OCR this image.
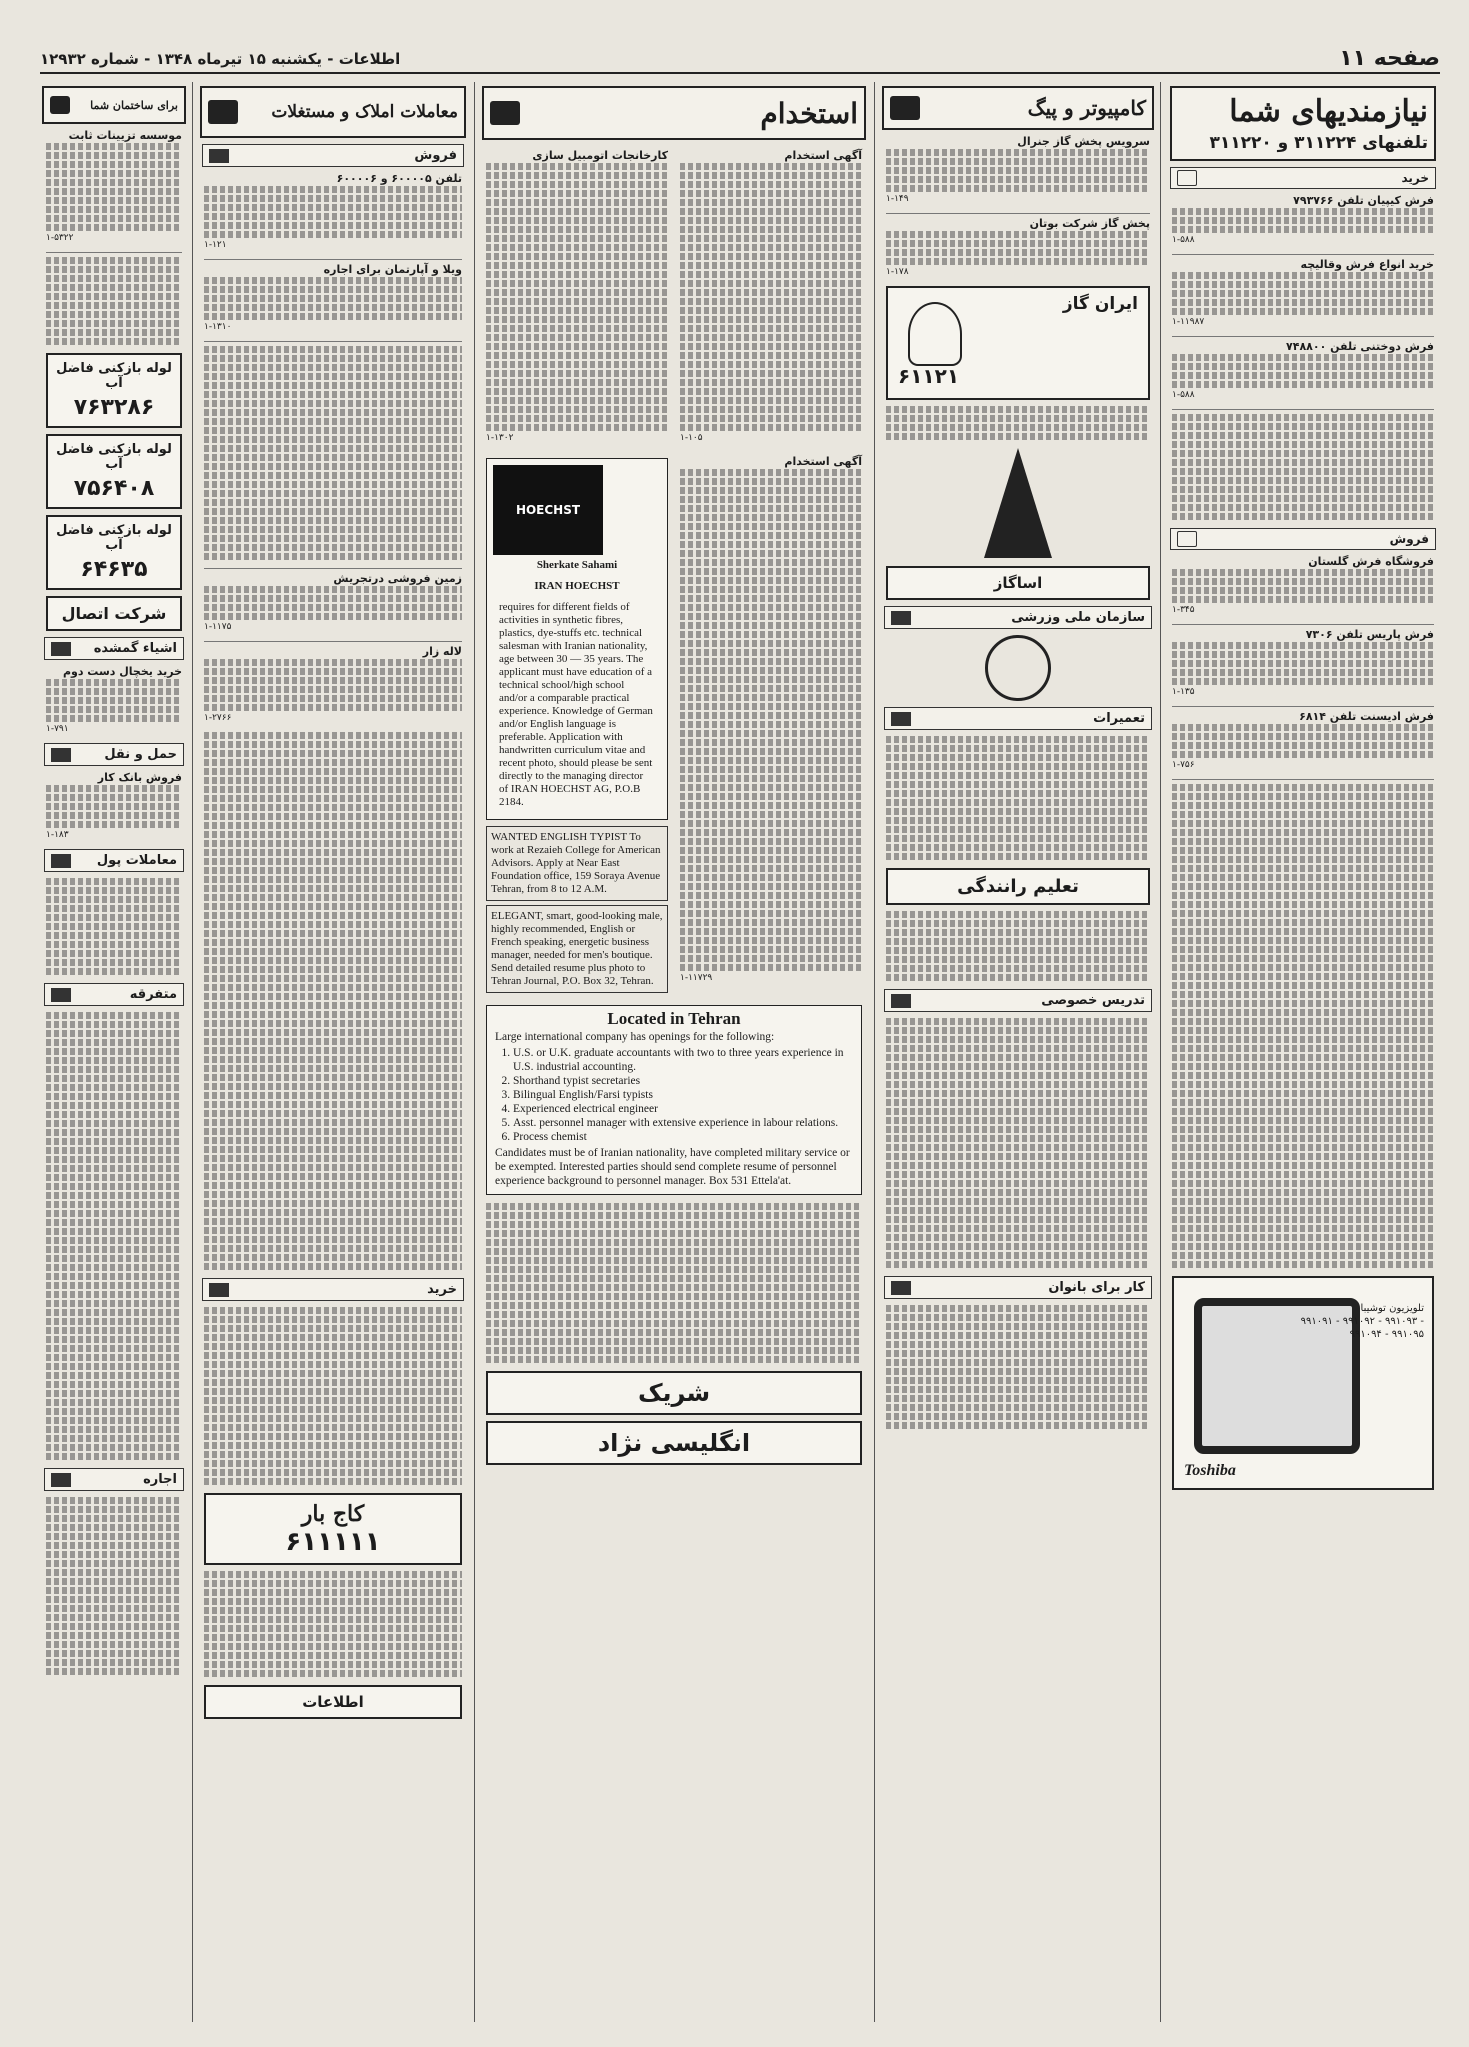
صفحه ۱۱
اطلاعات - یکشنبه ۱۵ تیرماه ۱۳۴۸ - شماره ۱۲۹۳۲
نیازمندیهای شما
تلفنهای ۳۱۱۲۲۴ و ۳۱۱۲۲۰
خرید
فرش کیپیان تلفن ۷۹۳۷۶۶
۱-۵۸۸
خرید انواع فرش وقالیچه
۱-۱۱۹۸۷
فرش دوختنی تلفن ۷۴۸۸۰۰
۱-۵۸۸
فروش
فروشگاه فرش گلستان
۱-۳۴۵
فرش پاریس تلفن ۷۳۰۶
۱-۱۳۵
فرش ادیسنت تلفن ۶۸۱۴
۱-۷۵۶
تلویزیون توشیبا
۹۹۱۰۹۱ - ۹۹۱۰۹۲ - ۹۹۱۰۹۳ - ۹۹۱۰۹۴ - ۹۹۱۰۹۵
Toshiba
کامپیوتر و پیگ
سرویس پخش گاز جنرال
۱-۱۴۹
پخش گاز شرکت بوتان
۱-۱۷۸
ایران گاز
۶۱۱۲۱
اساگاز
سازمان ملی وزرشی
تعمیرات
تعلیم رانندگی
تدریس خصوصی
کار برای بانوان
استخدام
کارخانجات اتومبیل سازی
۱-۱۳۰۲
آگهی استخدام
۱-۱۰۵
HOECHST
Sherkate Sahami
IRAN HOECHST
requires for different fields of activities in synthetic fibres, plastics, dye-stuffs etc. technical salesman with Iranian nationality, age between 30 — 35 years. The applicant must have education of a technical school/high school and/or a comparable practical experience. Knowledge of German and/or English language is preferable. Application with handwritten curriculum vitae and recent photo, should please be sent directly to the managing director of IRAN HOECHST AG, P.O.B 2184.
WANTED ENGLISH TYPIST To work at Rezaieh College for American Advisors. Apply at Near East Foundation office, 159 Soraya Avenue Tehran, from 8 to 12 A.M.
ELEGANT, smart, good-looking male, highly recommended, English or French speaking, energetic business manager, needed for men's boutique. Send detailed resume plus photo to Tehran Journal, P.O. Box 32, Tehran.
آگهی استخدام
۱-۱۱۷۲۹
Located in Tehran
Large international company has openings for the following:
1. U.S. or U.K. graduate accountants with two to three years experience in U.S. industrial accounting.
2. Shorthand typist secretaries
3. Bilingual English/Farsi typists
4. Experienced electrical engineer
5. Asst. personnel manager with extensive experience in labour relations.
6. Process chemist
Candidates must be of Iranian nationality, have completed military service or be exempted. Interested parties should send complete resume of personnel experience background to personnel manager. Box 531 Ettela'at.
شریک
انگلیسی نژاد
معاملات املاک و مستغلات
فروش
تلفن ۶۰۰۰۰۵ و ۶۰۰۰۰۶
۱-۱۲۱
ویلا و آپارتمان برای اجاره
۱-۱۳۱۰
زمین فروشی درتجریش
۱-۱۱۷۵
لاله زار
۱-۲۷۶۶
خرید
کاج بار
۶۱۱۱۱۱
اطلاعات
برای ساختمان شما
موسسه تزیینات ثابت
۱-۵۳۲۲
لوله بازکنی فاضل آب
۷۶۳۲۸۶
لوله بازکنی فاضل آب
۷۵۶۴۰۸
لوله بازکنی فاضل آب
۶۴۶۳۵
شرکت اتصال
اشیاء گمشده
خرید یخچال دست دوم
۱-۷۹۱
حمل و نقل
فروش بانک کار
۱-۱۸۳
معاملات پول
متفرقه
اجاره
